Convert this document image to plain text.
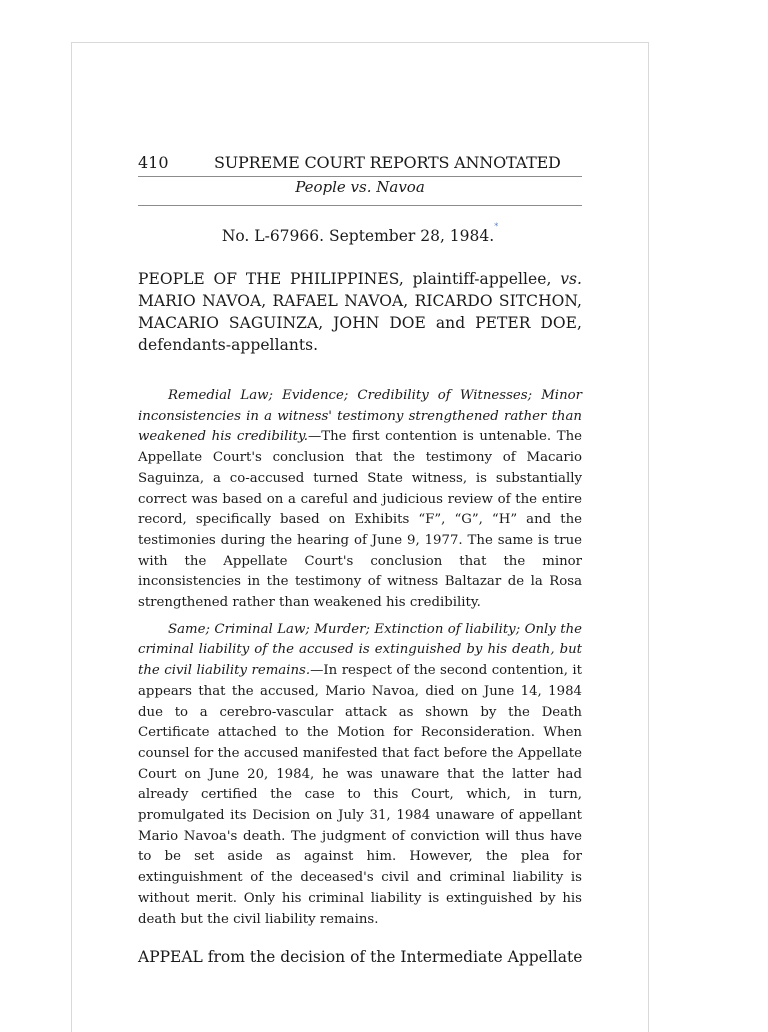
410	SUPREME COURT REPORTS ANNOTATED
People vs. Navoa
No. L-67966. September 28, 1984.*
PEOPLE OF THE PHILIPPINES, plaintiff-appellee, vs. MARIO NAVOA, RAFAEL NAVOA, RICARDO SITCHON, MACARIO SAGUINZA, JOHN DOE and PETER DOE, defendants-appellants.

Remedial Law; Evidence; Credibility of Witnesses; Minor inconsistencies in a witness' testimony strengthened rather than weakened his credibility.—The first contention is untenable. The Appellate Court's conclusion that the testimony of Macario Saguinza, a co-accused turned State witness, is substantially correct was based on a careful and judicious review of the entire record, specifically based on Exhibits “F”, “G”, “H” and the testimonies during the hearing of June 9, 1977. The same is true with the Appellate Court's conclusion that the minor inconsistencies in the testimony of witness Baltazar de la Rosa strengthened rather than weakened his credibility.

Same; Criminal Law; Murder; Extinction of liability; Only the criminal liability of the accused is extinguished by his death, but the civil liability remains.—In respect of the second contention, it appears that the accused, Mario Navoa, died on June 14, 1984 due to a cerebro-vascular attack as shown by the Death Certificate attached to the Motion for Reconsideration. When counsel for the accused manifested that fact before the Appellate Court on June 20, 1984, he was unaware that the latter had already certified the case to this Court, which, in turn, promulgated its Decision on July 31, 1984 unaware of appellant Mario Navoa's death. The judgment of conviction will thus have to be set aside as against him. However, the plea for extinguishment of the deceased's civil and criminal liability is without merit. Only his criminal liability is extinguished by his death but the civil liability remains.

APPEAL from the decision of the Intermediate Appellate
